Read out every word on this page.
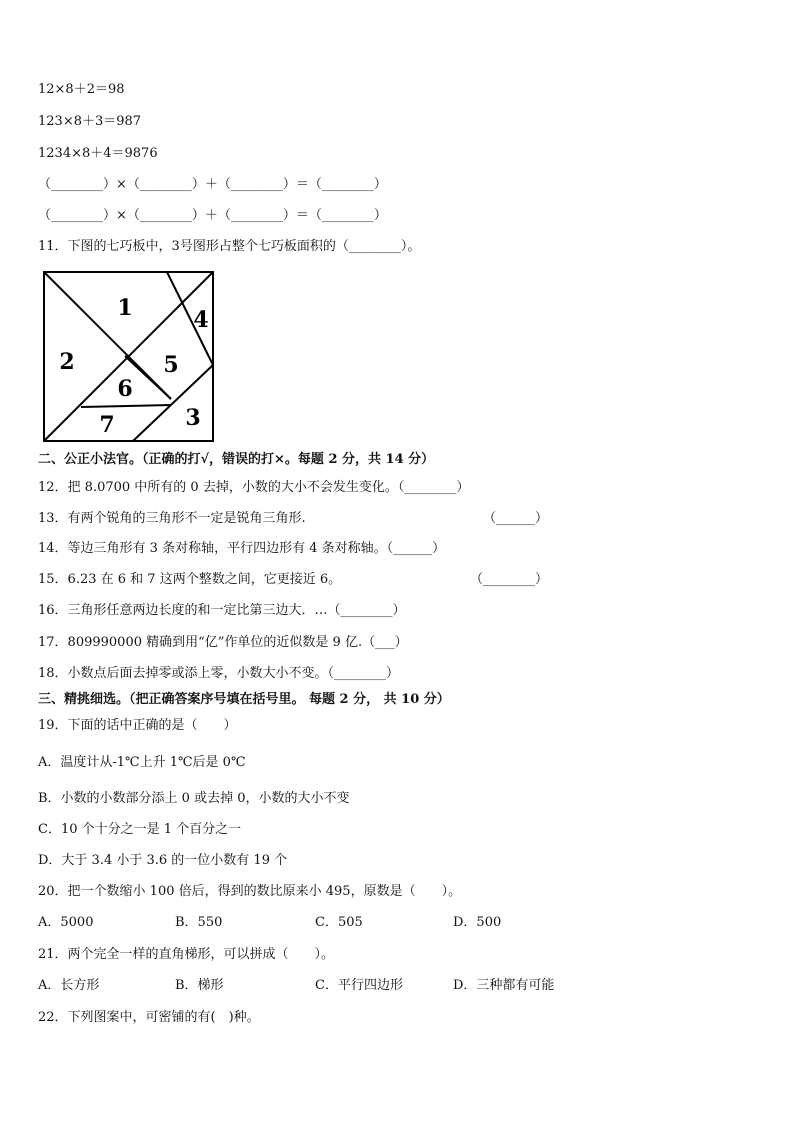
12×8＋2＝98
123×8＋3＝987
1234×8＋4＝9876
（________）×（________）＋（________）＝（________）
（________）×（________）＋（________）＝（________）
11．下图的七巧板中，3号图形占整个七巧板面积的（________）。
1
2
3
4
5
6
7
二、公正小法官。（正确的打√，错误的打×。每题 2 分，共 14 分）
12．把 8.0700 中所有的 0 去掉，小数的大小不会发生变化。（________）
13．有两个锐角的三角形不一定是锐角三角形.	（______）
14．等边三角形有 3 条对称轴，平行四边形有 4 条对称轴。（______）
15．6.23 在 6 和 7 这两个整数之间，它更接近 6。	（________）
16．三角形任意两边长度的和一定比第三边大．…（________）
17．809990000 精确到用“亿”作单位的近似数是 9 亿.（___）
18．小数点后面去掉零或添上零，小数大小不变。（________）
三、精挑细选。（把正确答案序号填在括号里。 每题 2 分， 共 10 分）
19．下面的话中正确的是（　　）
A．温度计从-1℃上升 1℃后是 0℃
B．小数的小数部分添上 0 或去掉 0，小数的大小不变
C．10 个十分之一是 1 个百分之一
D．大于 3.4 小于 3.6 的一位小数有 19 个
20．把一个数缩小 100 倍后，得到的数比原来小 495，原数是（　　）。
A．5000	B．550	C．505	D．500
21．两个完全一样的直角梯形，可以拼成（　　）。
A．长方形	B．梯形	C．平行四边形	D．三种都有可能
22．下列图案中，可密铺的有(　)种。
